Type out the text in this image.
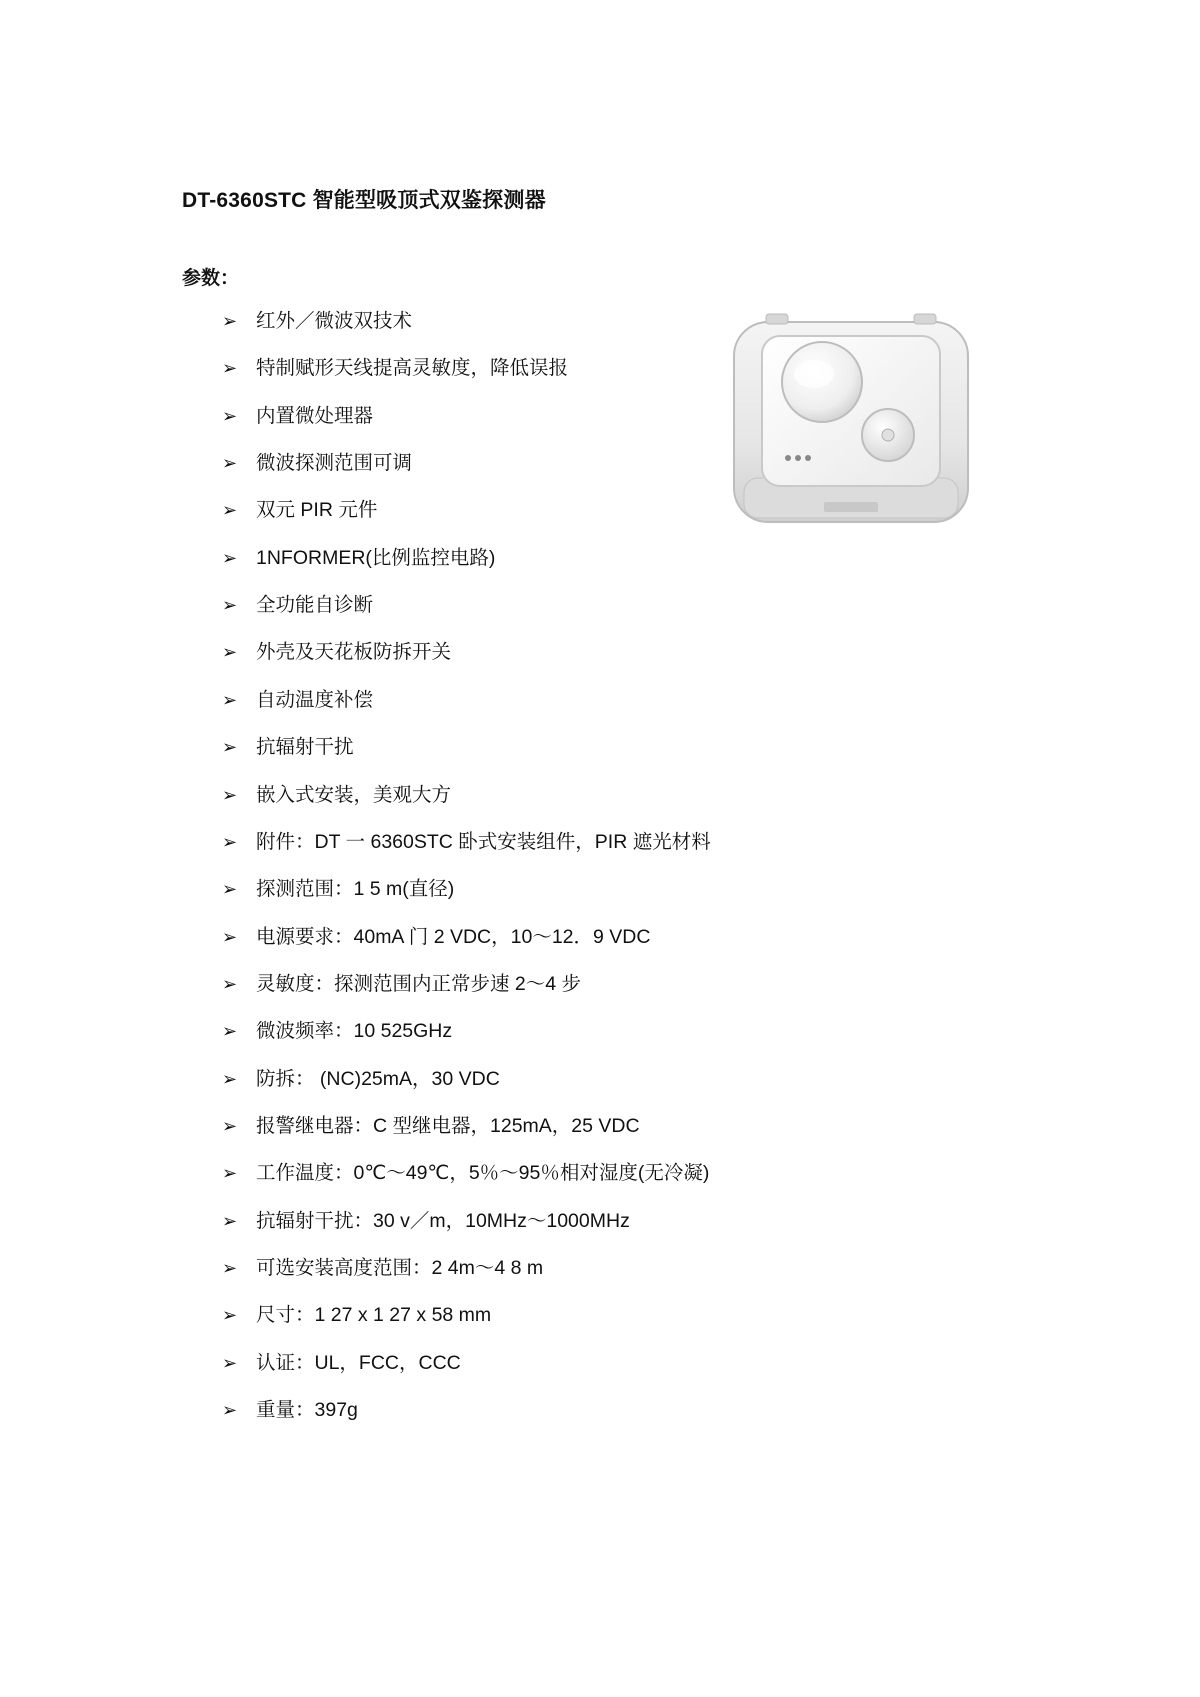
DT-6360STC 智能型吸顶式双鉴探测器
参数：
➢ 红外／微波双技术
➢ 特制赋形天线提高灵敏度，降低误报
➢ 内置微处理器
➢ 微波探测范围可调
➢ 双元 PIR 元件
➢ 1NFORMER(比例监控电路)
➢ 全功能自诊断
➢ 外壳及天花板防拆开关
➢ 自动温度补偿
➢ 抗辐射干扰
➢ 嵌入式安装，美观大方
➢ 附件：DT 一 6360STC 卧式安装组件，PIR 遮光材料
➢ 探测范围：1 5 m(直径)
➢ 电源要求：40mA 门 2 VDC，10～12．9 VDC
➢ 灵敏度：探测范围内正常步速 2～4 步
➢ 微波频率：10 525GHz
➢ 防拆： (NC)25mA，30 VDC
➢ 报警继电器：C 型继电器，125mA，25 VDC
➢ 工作温度：0℃～49℃，5％～95％相对湿度(无冷凝)
➢ 抗辐射干扰：30 v／m，10MHz～1000MHz
➢ 可选安装高度范围：2 4m～4 8 m
➢ 尺寸：1 27 x 1 27 x 58 mm
➢ 认证：UL，FCC，CCC
➢ 重量：397g
